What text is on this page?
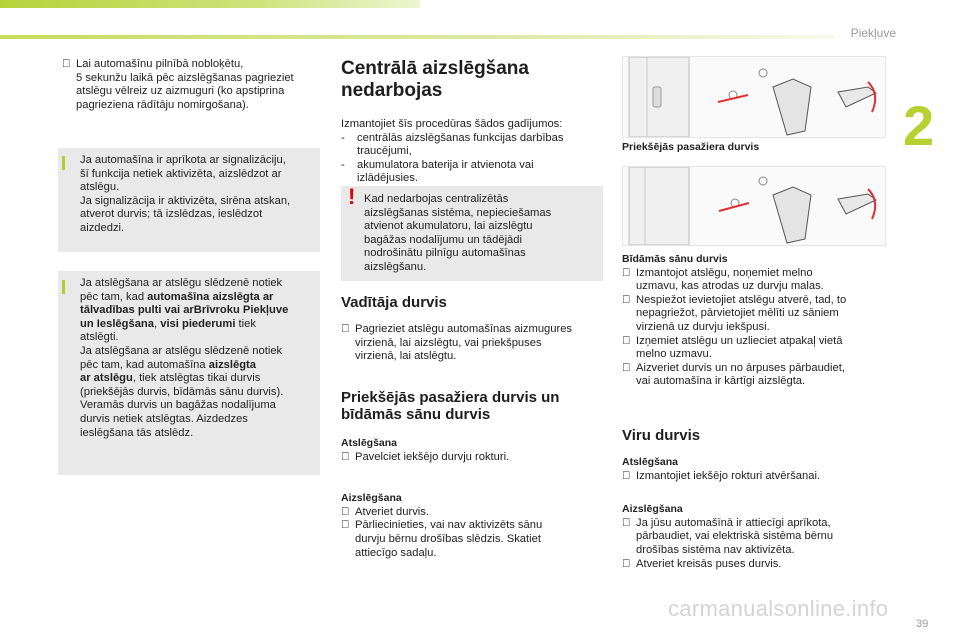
Piekļuve
2

Lai automašīnu pilnībā nobloķētu,

5 sekunžu laikā pēc aizslēgšanas pagrieziet

atslēgu vēlreiz uz aizmuguri (ko apstiprina

pagrieziena rādītāju nomirgošana).

Ja automašīna ir aprīkota ar signalizāciju,

šī funkcija netiek aktivizēta, aizslēdzot ar

atslēgu.

Ja signalizācija ir aktivizēta, sirēna atskan,

atverot durvis; tā izslēdzas, ieslēdzot

aizdedzi.

Ja atslēgšana ar atslēgu slēdzenē notiek

pēc tam, kad automašīna aizslēgta ar

tālvadības pulti vai arBrīvroku Piekļuve

un Ieslēgšana, visi piederumi tiek

atslēgti.

Ja atslēgšana ar atslēgu slēdzenē notiek

pēc tam, kad automašīna aizslēgta

ar atslēgu, tiek atslēgtas tikai durvis

(priekšējās durvis, bīdāmās sānu durvis).

Veramās durvis un bagāžas nodalījuma

durvis netiek atslēgtas. Aizdedzes

ieslēgšana tās atslēdz.

Centrālā aizslēgšana
nedarbojas

Izmantojiet šīs procedūras šādos gadījumos:

- centrālās aizslēgšanas funkcijas darbības

traucējumi,

- akumulatora baterija ir atvienota vai

izlādējusies.

! Kad nedarbojas centralizētās

aizslēgšanas sistēma, nepieciešamas

atvienot akumulatoru, lai aizslēgtu

bagāžas nodalījumu un tādējādi

nodrošinātu pilnīgu automašīnas

aizslēgšanu.

Vadītāja durvis

Pagrieziet atslēgu automašīnas aizmugures

virzienā, lai aizslēgtu, vai priekšpuses

virzienā, lai atslēgtu.

Priekšējās pasažiera durvis un
bīdāmās sānu durvis

Atslēgšana

Pavelciet iekšējo durvju rokturi.

Aizslēgšana

Atveriet durvis.

Pārliecinieties, vai nav aktivizēts sānu

durvju bērnu drošības slēdzis. Skatiet

attiecīgo sadaļu.

Priekšējās pasažiera durvis

Bīdāmās sānu durvis

Izmantojot atslēgu, noņemiet melno

uzmavu, kas atrodas uz durvju malas.

Nespiežot ievietojiet atslēgu atverē, tad, to

nepagriežot, pārvietojiet mēlīti uz sāniem

virzienā uz durvju iekšpusi.

Izņemiet atslēgu un uzlieciet atpakaļ vietā

melno uzmavu.

Aizveriet durvis un no ārpuses pārbaudiet,

vai automašīna ir kārtīgi aizslēgta.

Viru durvis

Atslēgšana

Izmantojiet iekšējo rokturi atvēršanai.

Aizslēgšana

Ja jūsu automašīnā ir attiecīgi aprīkota,

pārbaudiet, vai elektriskā sistēma bērnu

drošības sistēma nav aktivizēta.

Atveriet kreisās puses durvis.

carmanualsonline.info
39
